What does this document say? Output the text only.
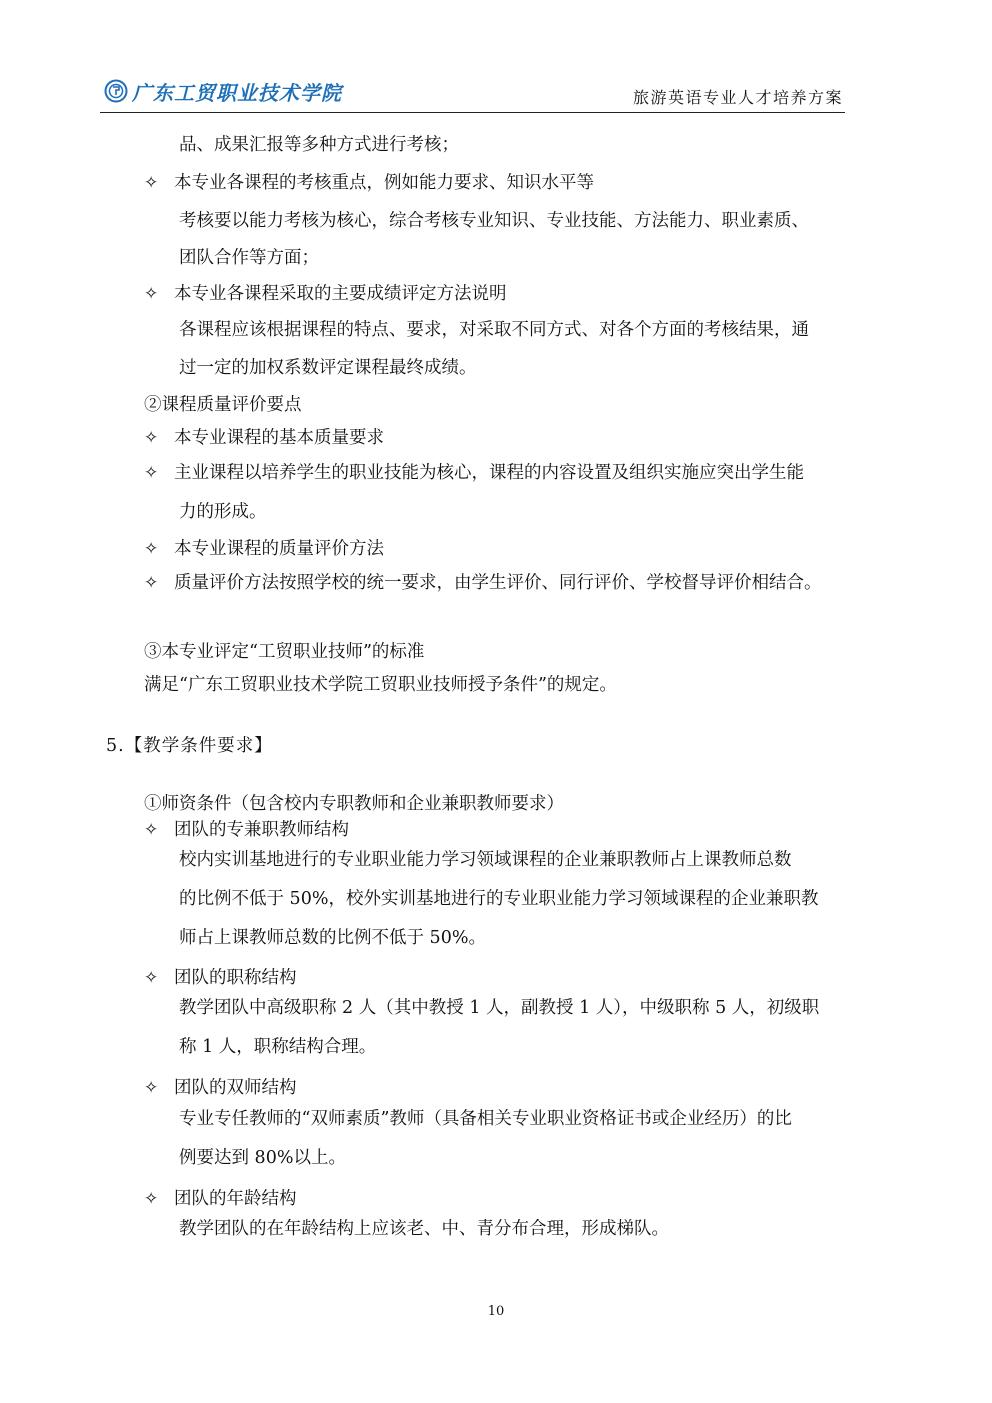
广东工贸职业技术学院	旅游英语专业人才培养方案
品、成果汇报等多种方式进行考核；
✧ 本专业各课程的考核重点，例如能力要求、知识水平等
考核要以能力考核为核心，综合考核专业知识、专业技能、方法能力、职业素质、
团队合作等方面；
✧ 本专业各课程采取的主要成绩评定方法说明
各课程应该根据课程的特点、要求，对采取不同方式、对各个方面的考核结果，通
过一定的加权系数评定课程最终成绩。
②课程质量评价要点
✧ 本专业课程的基本质量要求
✧ 主业课程以培养学生的职业技能为核心，课程的内容设置及组织实施应突出学生能
力的形成。
✧ 本专业课程的质量评价方法
✧ 质量评价方法按照学校的统一要求，由学生评价、同行评价、学校督导评价相结合。
③本专业评定“工贸职业技师”的标准
满足“广东工贸职业技术学院工贸职业技师授予条件”的规定。
5.【教学条件要求】
①师资条件（包含校内专职教师和企业兼职教师要求）
✧ 团队的专兼职教师结构
校内实训基地进行的专业职业能力学习领域课程的企业兼职教师占上课教师总数
的比例不低于 50%，校外实训基地进行的专业职业能力学习领域课程的企业兼职教
师占上课教师总数的比例不低于 50%。
✧ 团队的职称结构
教学团队中高级职称 2 人（其中教授 1 人，副教授 1 人），中级职称 5 人，初级职
称 1 人，职称结构合理。
✧ 团队的双师结构
专业专任教师的“双师素质”教师（具备相关专业职业资格证书或企业经历）的比
例要达到 80%以上。
✧ 团队的年龄结构
教学团队的在年龄结构上应该老、中、青分布合理，形成梯队。
10
